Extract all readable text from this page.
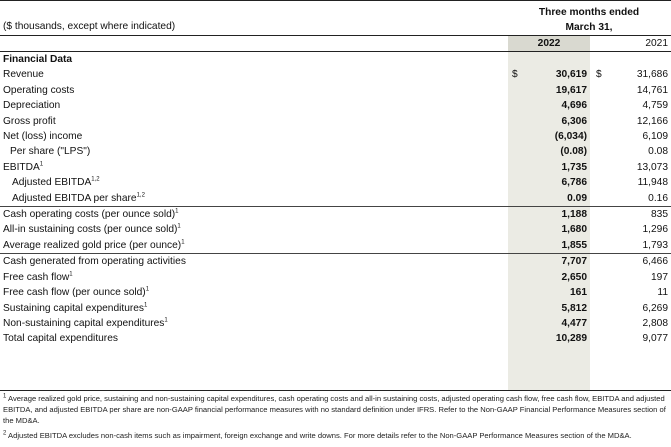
($ thousands, except where indicated)
Three months ended
March 31,
2022	2021
Financial Data				
Revenue	$	30,619	$	31,686
Operating costs		19,617		14,761
Depreciation		4,696		4,759
Gross profit		6,306		12,166
Net (loss) income		(6,034)		6,109
Per share ("LPS")		(0.08)		0.08
EBITDA$^1$		1,735		13,073
Adjusted EBITDA$^{1,2}$		6,786		11,948
Adjusted EBITDA per share$^{1,2}$		0.09		0.16
Cash operating costs (per ounce sold)$^1$		1,188		835
All-in sustaining costs (per ounce sold)$^1$		1,680		1,296
Average realized gold price (per ounce)$^1$		1,855		1,793
Cash generated from operating activities		7,707		6,466
Free cash flow$^1$		2,650		197
Free cash flow (per ounce sold)$^1$		161		11
Sustaining capital expenditures$^1$		5,812		6,269
Non-sustaining capital expenditures$^1$		4,477		2,808
Total capital expenditures		10,289		9,077

$^1$ Average realized gold price, sustaining and non-sustaining capital expenditures, cash operating costs and all-in sustaining costs, adjusted operating cash flow, free cash flow, EBITDA and adjusted EBITDA, and adjusted EBITDA per share are non-GAAP financial performance measures with no standard definition under IFRS. Refer to the Non-GAAP Financial Performance Measures section of the MD&A.

$^2$ Adjusted EBITDA excludes non-cash items such as impairment, foreign exchange and write downs. For more details refer to the Non-GAAP Performance Measures section of the MD&A.
